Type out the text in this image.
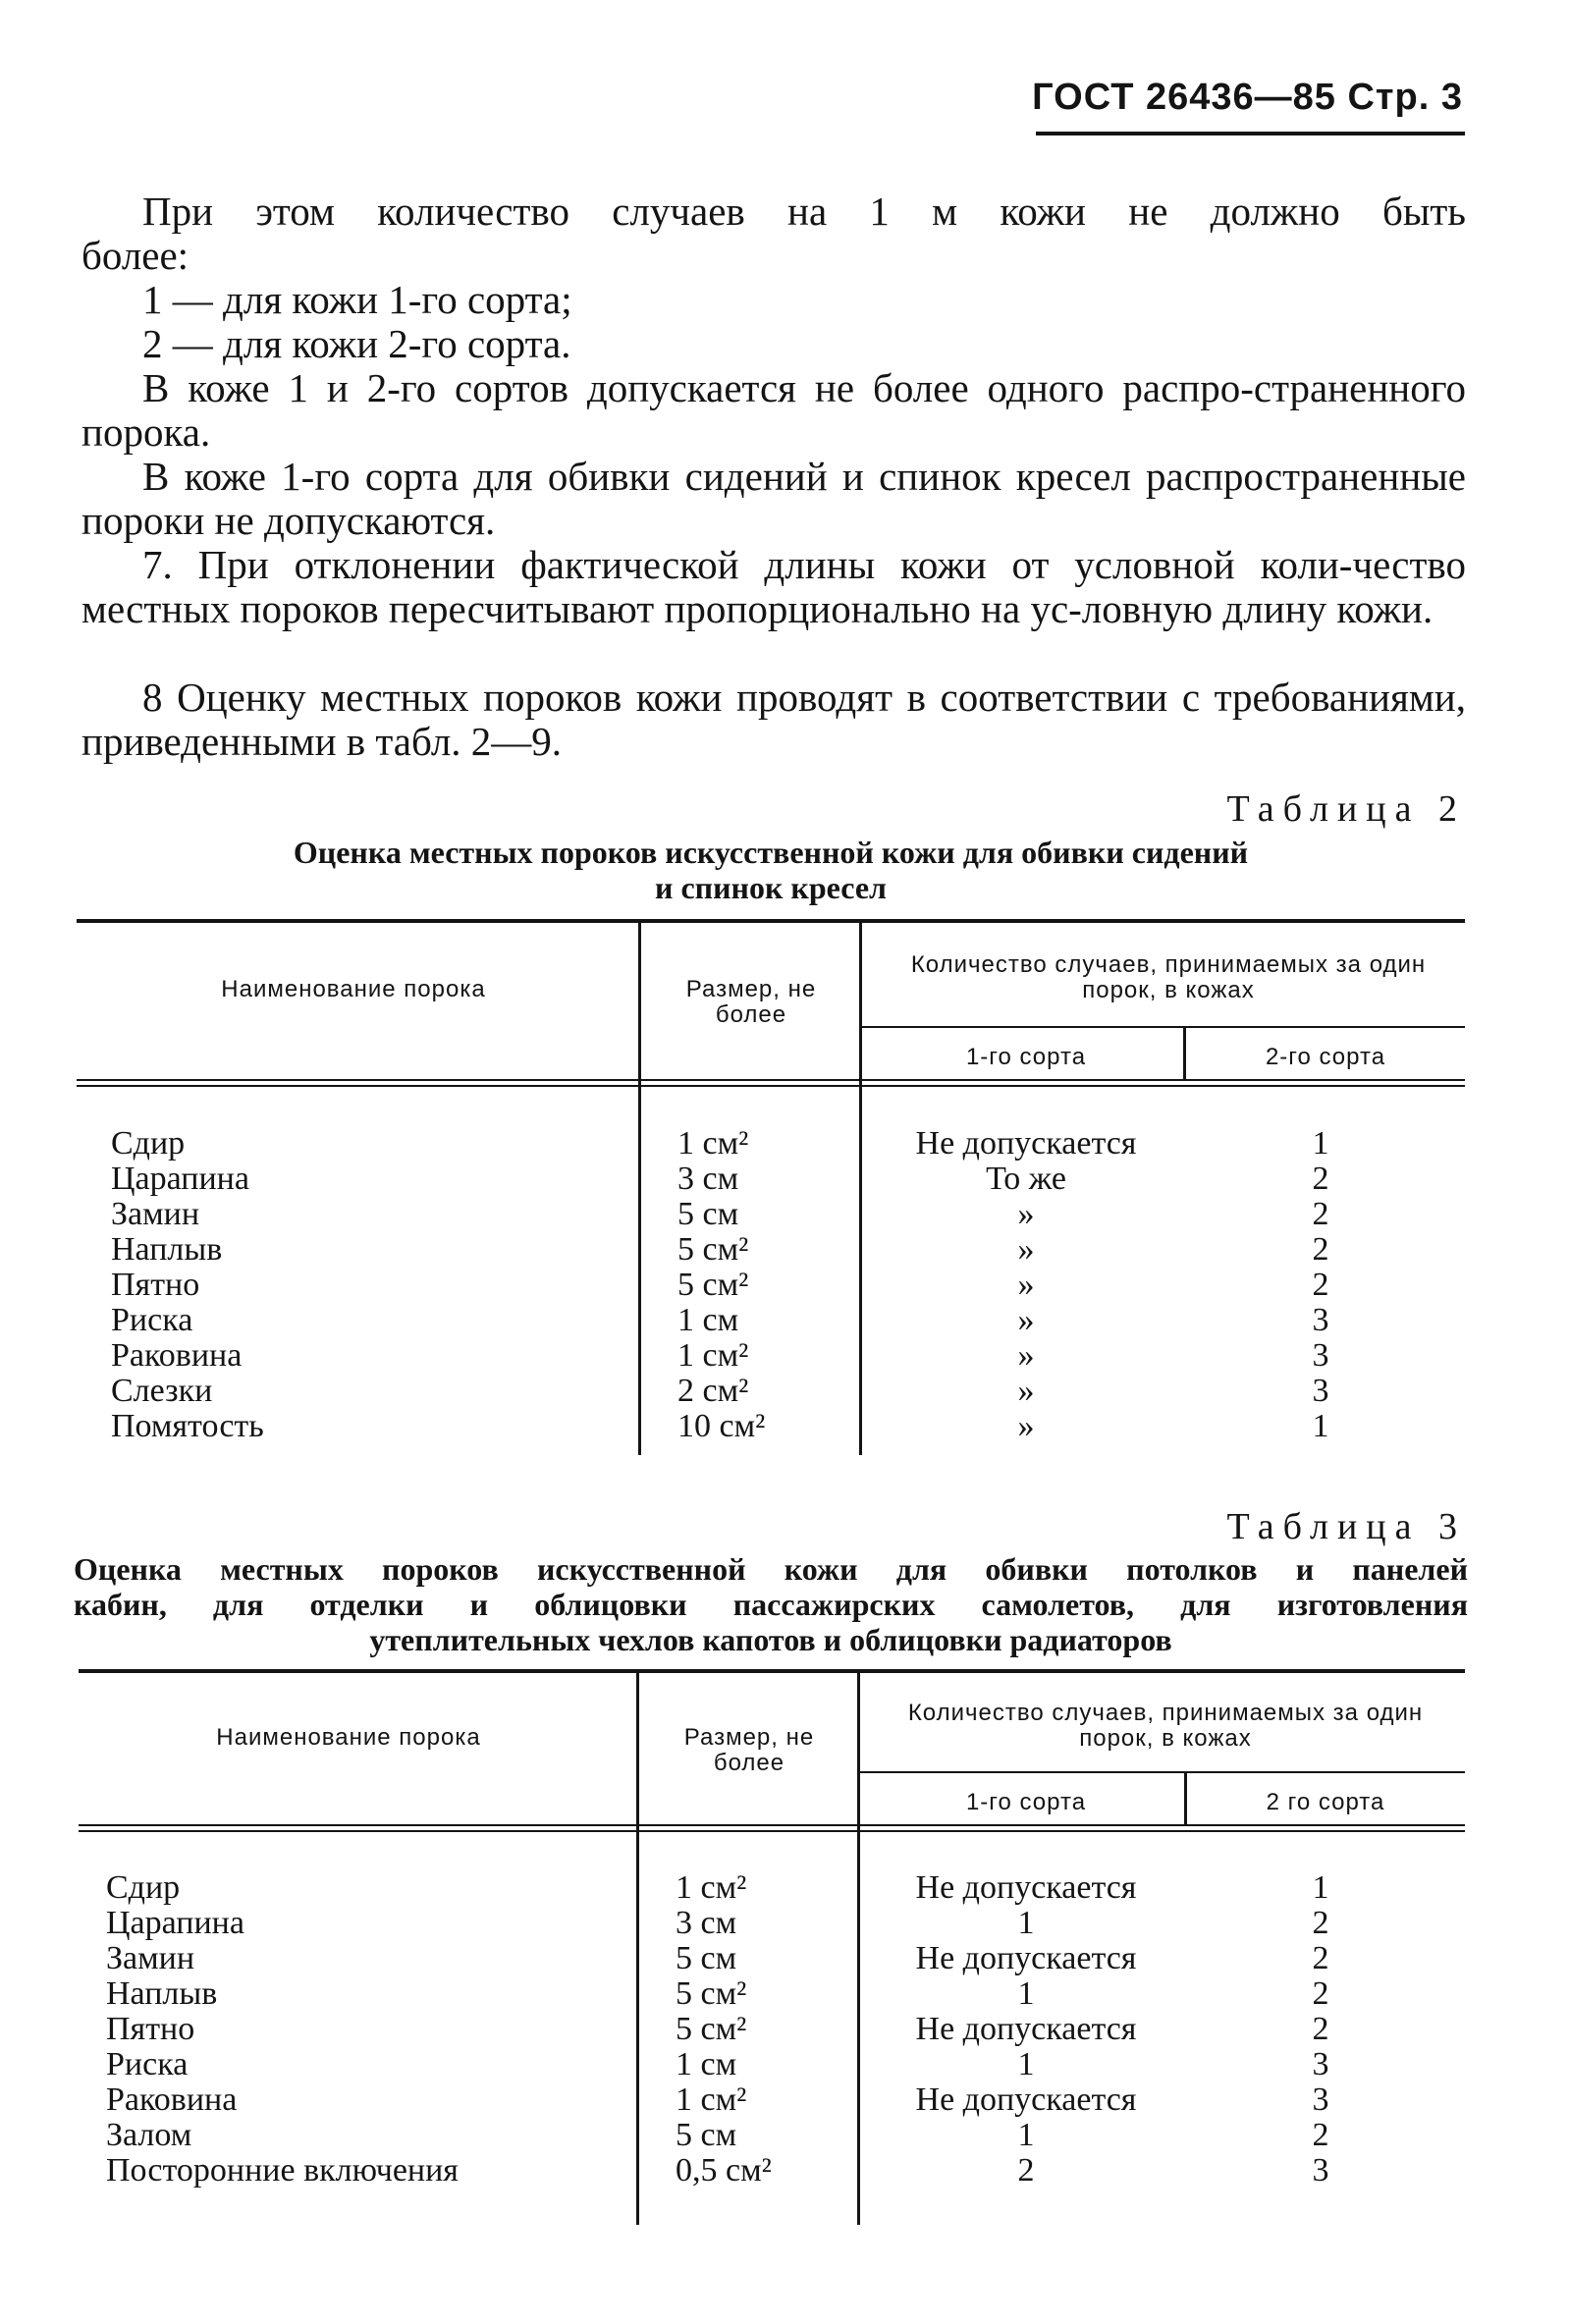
ГОСТ 26436—85 Стр. 3
При этом количество случаев на 1 м кожи не должно быть
более:
1 — для кожи 1-го сорта;
2 — для кожи 2-го сорта.
В коже 1 и 2-го сортов допускается не более одного распро-страненного порока.
В коже 1-го сорта для обивки сидений и спинок кресел распространенные пороки не допускаются.
7. При отклонении фактической длины кожи от условной коли-чество местных пороков пересчитывают пропорционально на ус-ловную длину кожи.
8 Оценку местных пороков кожи проводят в соответствии с требованиями, приведенными в табл. 2—9.
Таблица 2
Оценка местных пороков искусственной кожи для обивки сидений
и спинок кресел
Наименование порока	Размер, не более
Количество случаев, принимаемых за один порок, в кожах
1-го сорта	2-го сорта
Сдир	1 см²	Не допускается	1
Царапина	3 см	То же	2
Замин	5 см	»	2
Наплыв	5 см²	»	2
Пятно	5 см²	»	2
Риска	1 см	»	3
Раковина	1 см²	»	3
Слезки	2 см²	»	3
Помятость	10 см²	»	1
Таблица 3
Оценка местных пороков искусственной кожи для обивки потолков и панелей
кабин, для отделки и облицовки пассажирских самолетов, для изготовления
утеплительных чехлов капотов и облицовки радиаторов
Наименование порока	Размер, не более
Количество случаев, принимаемых за один порок, в кожах
1-го сорта	2 го сорта
Сдир	1 см²	Не допускается	1
Царапина	3 см	1	2
Замин	5 см	Не допускается	2
Наплыв	5 см²	1	2
Пятно	5 см²	Не допускается	2
Риска	1 см	1	3
Раковина	1 см²	Не допускается	3
Залом	5 см	1	2
Посторонние включения	0,5 см²	2	3
